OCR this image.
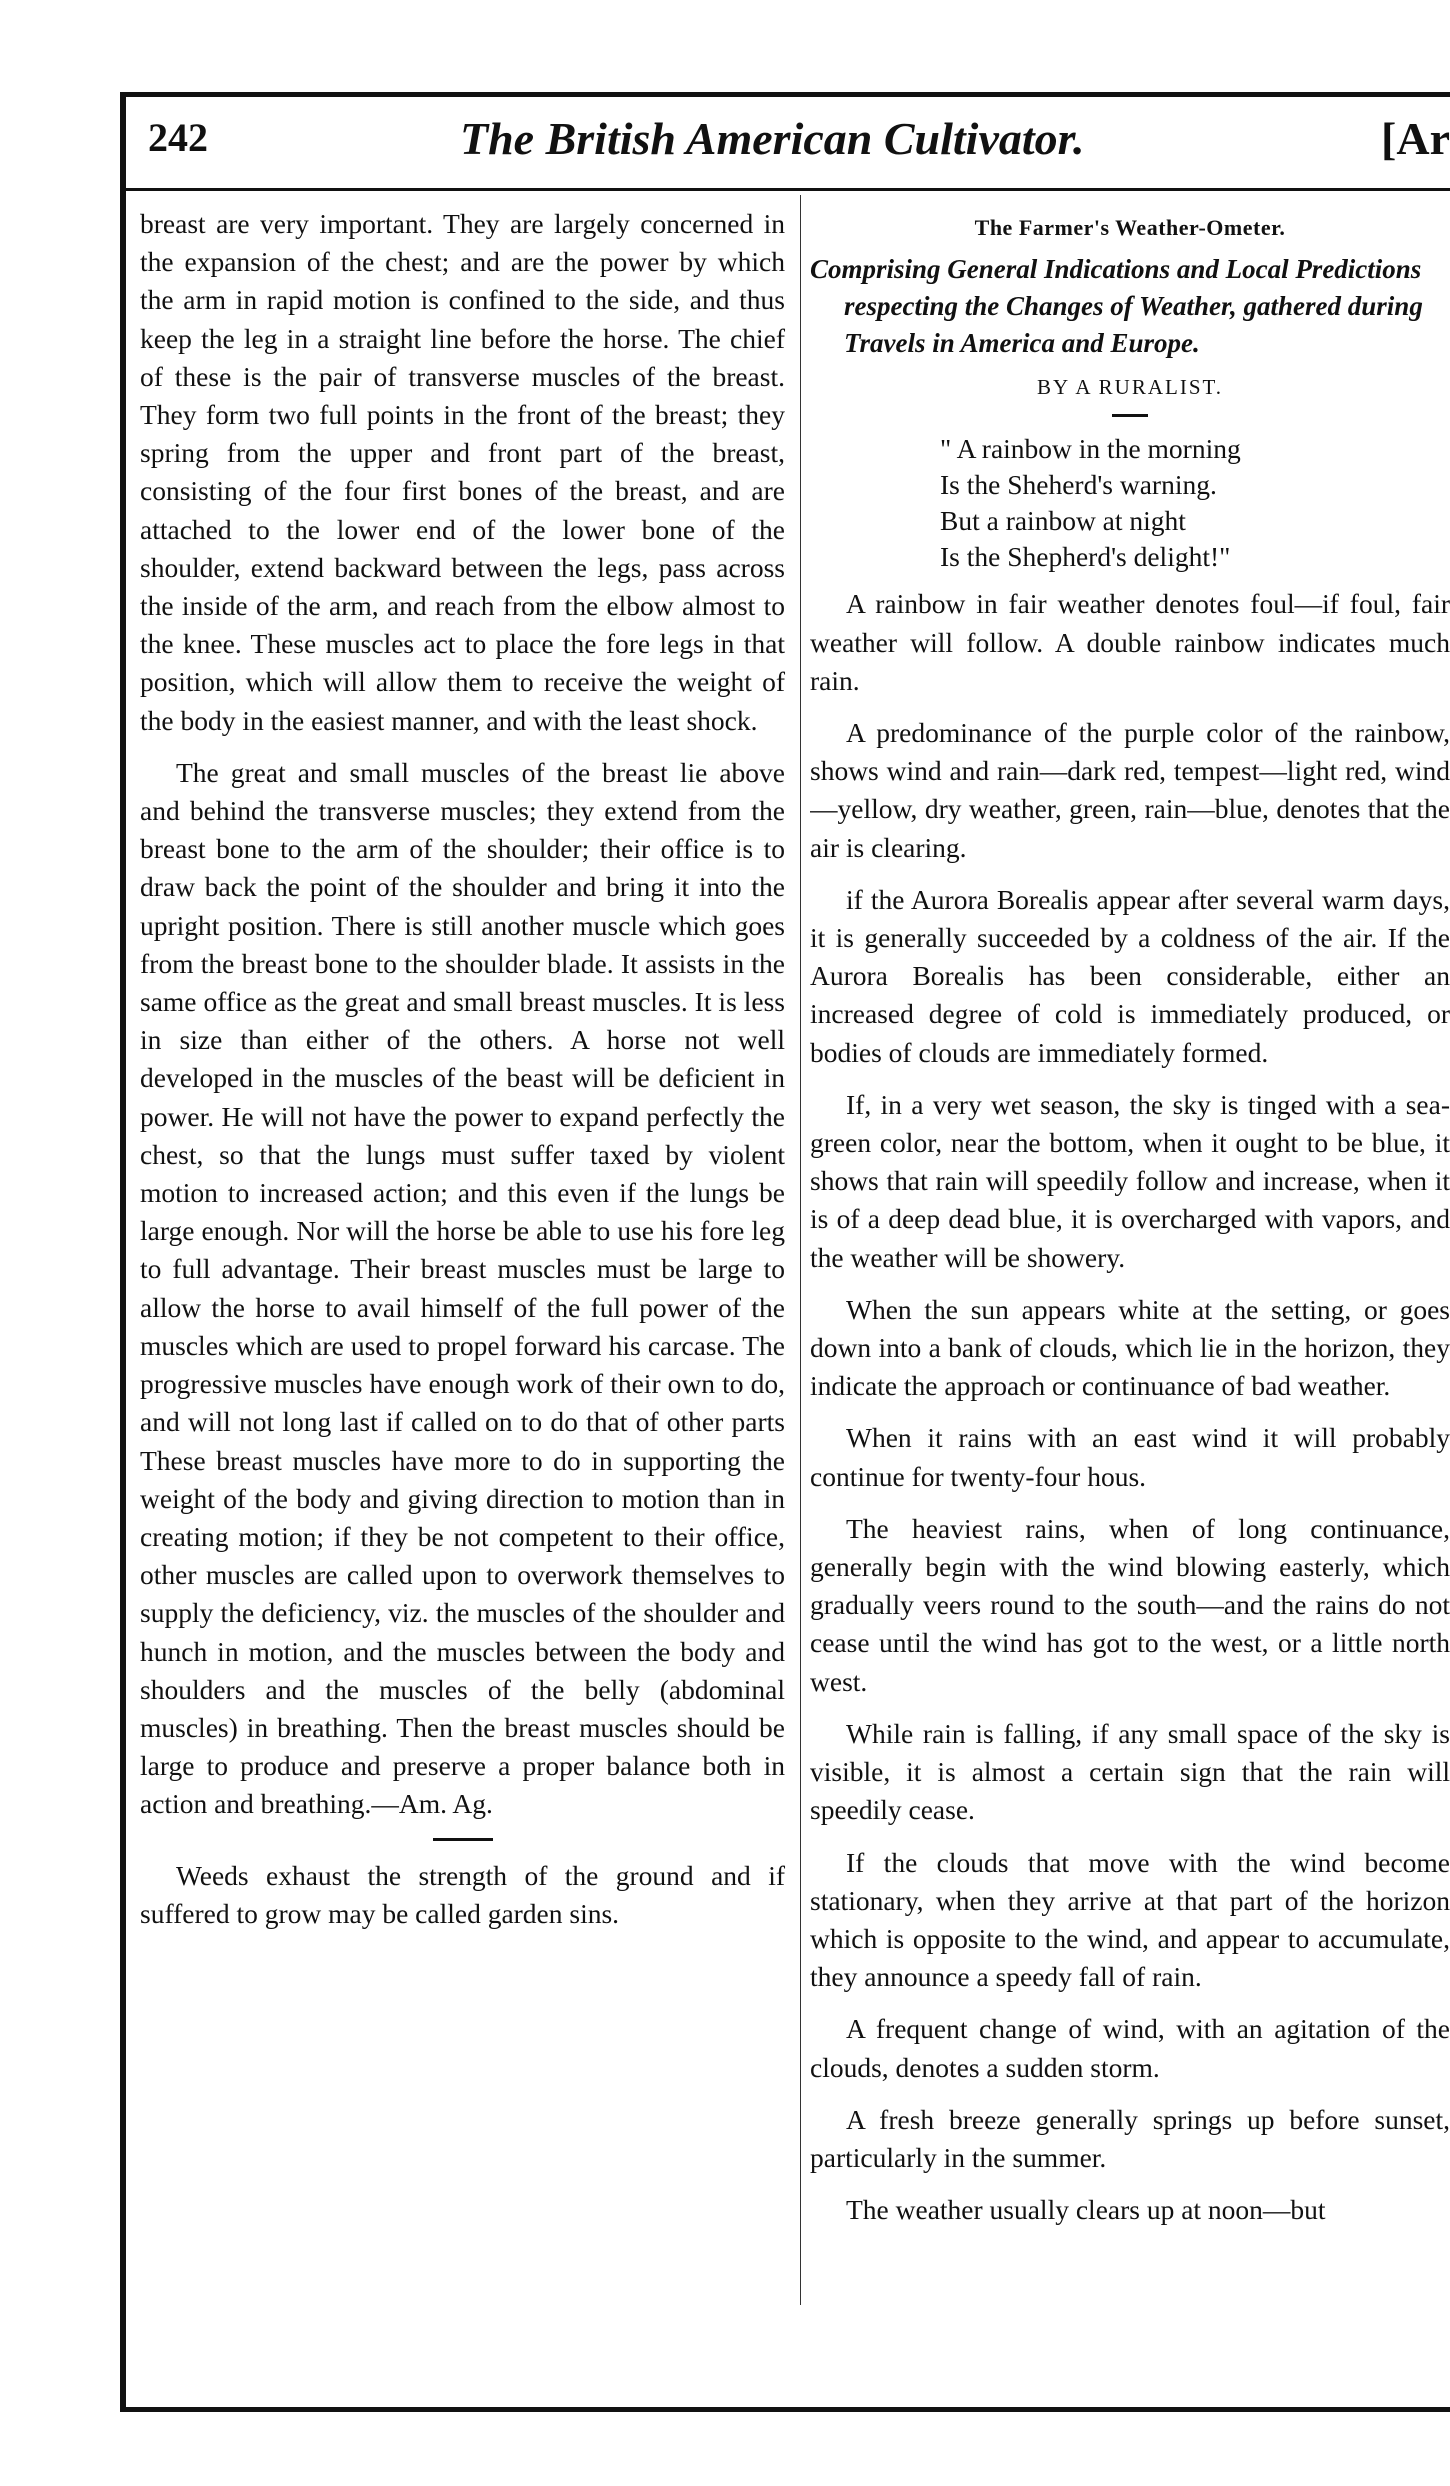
242	The British American Cultivator.	[Ar

breast are very important. They are largely concerned in the expansion of the chest; and are the power by which the arm in rapid motion is confined to the side, and thus keep the leg in a straight line before the horse. The chief of these is the pair of transverse muscles of the breast. They form two full points in the front of the breast; they spring from the upper and front part of the breast, consisting of the four first bones of the breast, and are attached to the lower end of the lower bone of the shoulder, extend backward between the legs, pass across the inside of the arm, and reach from the elbow almost to the knee. These muscles act to place the fore legs in that position, which will allow them to receive the weight of the body in the easiest manner, and with the least shock.

The great and small muscles of the breast lie above and behind the transverse muscles; they extend from the breast bone to the arm of the shoulder; their office is to draw back the point of the shoulder and bring it into the upright position. There is still another muscle which goes from the breast bone to the shoulder blade. It assists in the same office as the great and small breast muscles. It is less in size than either of the others. A horse not well developed in the muscles of the beast will be deficient in power. He will not have the power to expand perfectly the chest, so that the lungs must suffer taxed by violent motion to increased action; and this even if the lungs be large enough. Nor will the horse be able to use his fore leg to full advantage. Their breast muscles must be large to allow the horse to avail himself of the full power of the muscles which are used to propel forward his carcase. The progressive muscles have enough work of their own to do, and will not long last if called on to do that of other parts These breast muscles have more to do in supporting the weight of the body and giving direction to motion than in creating motion; if they be not competent to their office, other muscles are called upon to overwork themselves to supply the deficiency, viz. the muscles of the shoulder and hunch in motion, and the muscles between the body and shoulders and the muscles of the belly (abdominal muscles) in breathing. Then the breast muscles should be large to produce and preserve a proper balance both in action and breathing.—Am. Ag.

Weeds exhaust the strength of the ground and if suffered to grow may be called garden sins.

The Farmer's Weather-Ometer.
Comprising General Indications and Local Predictions respecting the Changes of Weather, gathered during Travels in America and Europe.
BY A RURALIST.
" A rainbow in the morning
Is the Sheherd's warning.
But a rainbow at night
Is the Shepherd's delight!"

A rainbow in fair weather denotes foul—if foul, fair weather will follow. A double rainbow indicates much rain.

A predominance of the purple color of the rainbow, shows wind and rain—dark red, tempest—light red, wind—yellow, dry weather, green, rain—blue, denotes that the air is clearing.

if the Aurora Borealis appear after several warm days, it is generally succeeded by a coldness of the air. If the Aurora Borealis has been considerable, either an increased degree of cold is immediately produced, or bodies of clouds are immediately formed.

If, in a very wet season, the sky is tinged with a sea-green color, near the bottom, when it ought to be blue, it shows that rain will speedily follow and increase, when it is of a deep dead blue, it is overcharged with vapors, and the weather will be showery.

When the sun appears white at the setting, or goes down into a bank of clouds, which lie in the horizon, they indicate the approach or continuance of bad weather.

When it rains with an east wind it will probably continue for twenty-four hous.

The heaviest rains, when of long continuance, generally begin with the wind blowing easterly, which gradually veers round to the south—and the rains do not cease until the wind has got to the west, or a little north west.

While rain is falling, if any small space of the sky is visible, it is almost a certain sign that the rain will speedily cease.

If the clouds that move with the wind become stationary, when they arrive at that part of the horizon which is opposite to the wind, and appear to accumulate, they announce a speedy fall of rain.

A frequent change of wind, with an agitation of the clouds, denotes a sudden storm.

A fresh breeze generally springs up before sunset, particularly in the summer.

The weather usually clears up at noon—but
